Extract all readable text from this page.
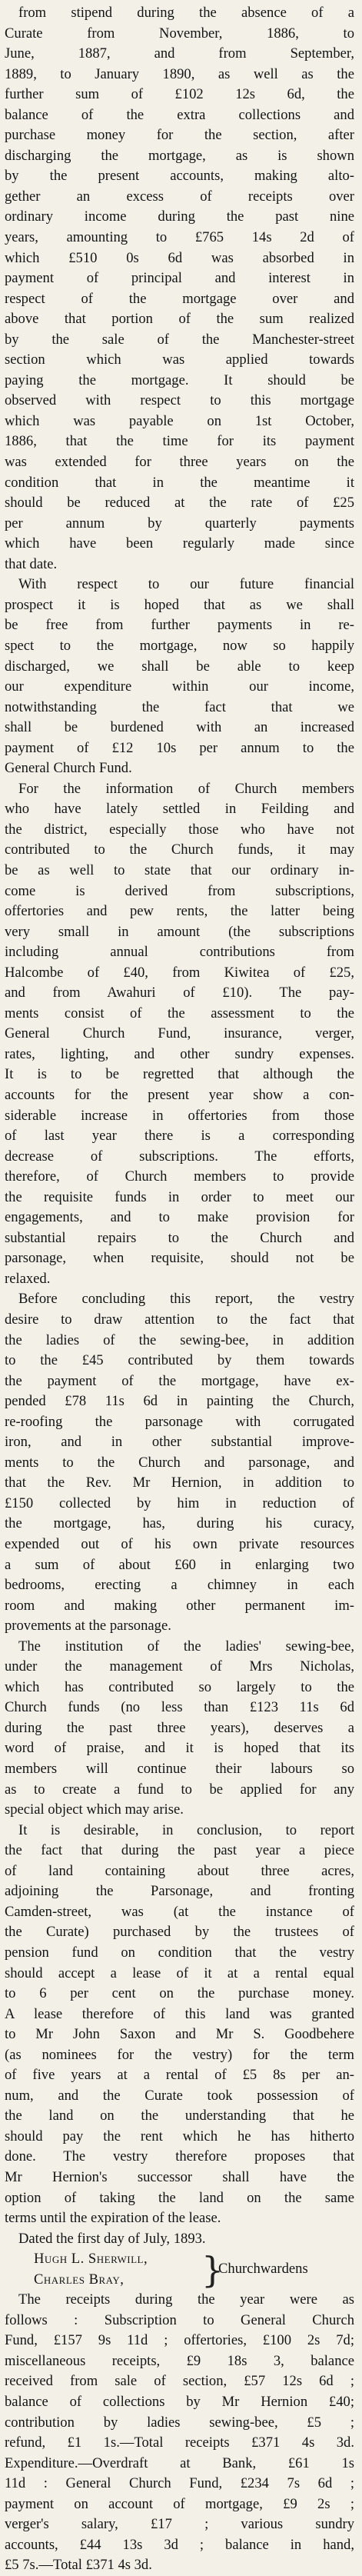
from stipend during the absence of a
Curate from November, 1886, to
June, 1887, and from September,
1889, to January 1890, as well as the
further sum of £102 12s 6d, the
balance of the extra collections and
purchase money for the section, after
discharging the mortgage, as is shown
by the present accounts, making alto-
gether an excess of receipts over
ordinary income during the past nine
years, amounting to £765 14s 2d of
which £510 0s 6d was absorbed in
payment of principal and interest in
respect of the mortgage over and
above that portion of the sum realized
by the sale of the Manchester-street
section which was applied towards
paying the mortgage. It should be
observed with respect to this mortgage
which was payable on 1st October,
1886, that the time for its payment
was extended for three years on the
condition that in the meantime it
should be reduced at the rate of £25
per annum by quarterly payments
which have been regularly made since
that date.
With respect to our future financial
prospect it is hoped that as we shall
be free from further payments in re-
spect to the mortgage, now so happily
discharged, we shall be able to keep
our expenditure within our income,
notwithstanding the fact that we
shall be burdened with an increased
payment of £12 10s per annum to the
General Church Fund.
For the information of Church members
who have lately settled in Feilding and
the district, especially those who have not
contributed to the Church funds, it may
be as well to state that our ordinary in-
come is derived from subscriptions,
offertories and pew rents, the latter being
very small in amount (the subscriptions
including annual contributions from
Halcombe of £40, from Kiwitea of £25,
and from Awahuri of £10). The pay-
ments consist of the assessment to the
General Church Fund, insurance, verger,
rates, lighting, and other sundry expenses.
It is to be regretted that although the
accounts for the present year show a con-
siderable increase in offertories from those
of last year there is a corresponding
decrease of subscriptions. The efforts,
therefore, of Church members to provide
the requisite funds in order to meet our
engagements, and to make provision for
substantial repairs to the Church and
parsonage, when requisite, should not be
relaxed.
Before concluding this report, the vestry
desire to draw attention to the fact that
the ladies of the sewing-bee, in addition
to the £45 contributed by them towards
the payment of the mortgage, have ex-
pended £78 11s 6d in painting the Church,
re-roofing the parsonage with corrugated
iron, and in other substantial improve-
ments to the Church and parsonage, and
that the Rev. Mr Hernion, in addition to
£150 collected by him in reduction of
the mortgage, has, during his curacy,
expended out of his own private resources
a sum of about £60 in enlarging two
bedrooms, erecting a chimney in each
room and making other permanent im-
provements at the parsonage.
The institution of the ladies' sewing-bee,
under the management of Mrs Nicholas,
which has contributed so largely to the
Church funds (no less than £123 11s 6d
during the past three years), deserves a
word of praise, and it is hoped that its
members will continue their labours so
as to create a fund to be applied for any
special object which may arise.
It is desirable, in conclusion, to report
the fact that during the past year a piece
of land containing about three acres,
adjoining the Parsonage, and fronting
Camden-street, was (at the instance of
the Curate) purchased by the trustees of
pension fund on condition that the vestry
should accept a lease of it at a rental equal
to 6 per cent on the purchase money.
A lease therefore of this land was granted
to Mr John Saxon and Mr S. Goodbehere
(as nominees for the vestry) for the term
of five years at a rental of £5 8s per an-
num, and the Curate took possession of
the land on the understanding that he
should pay the rent which he has hitherto
done. The vestry therefore proposes that
Mr Hernion's successor shall have the
option of taking the land on the same
terms until the expiration of the lease.
Dated the first day of July, 1893.
Hugh L. Sherwill,
Charles Bray,	}
Churchwardens
The receipts during the year were as
follows : Subscription to General Church
Fund, £157 9s 11d ; offertories, £100 2s 7d;
miscellaneous receipts, £9 18s 3, balance
received from sale of section, £57 12s 6d ;
balance of collections by Mr Hernion £40;
contribution by ladies sewing-bee, £5 ;
refund, £1 1s.—Total receipts £371 4s 3d.
Expenditure.—Overdraft at Bank, £61 1s
11d : General Church Fund, £234 7s 6d ;
payment on account of mortgage, £9 2s ;
verger's salary, £17 ; various sundry
accounts, £44 13s 3d ; balance in hand,
£5 7s.—Total £371 4s 3d.
